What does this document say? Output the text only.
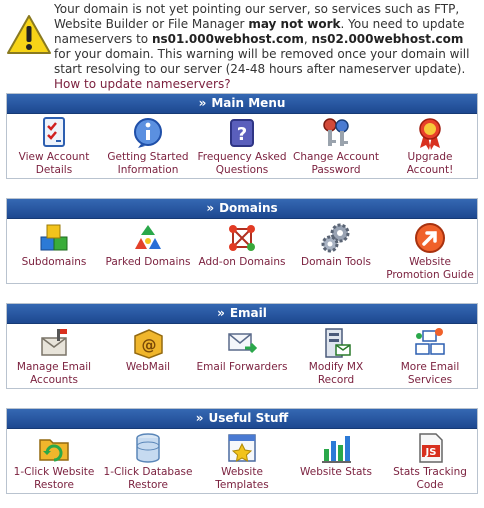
Your domain is not yet pointing our server, so services such as FTP, Website Builder or File Manager may not work. You need to update nameservers to ns01.000webhost.com, ns02.000webhost.com for your domain. This warning will be removed once your domain will start resolving to our server (24-48 hours after nameserver update). How to update nameservers?
» Main Menu
View Account Details
Getting Started Information
?
Frequency Asked Questions
Change Account Password
Upgrade Account!
» Domains
Subdomains Parked Domains Add-on Domains Domain Tools	Website Promotion Guide
» Email
Manage Email Accounts
@
WebMail	Email Forwarders	Modify MX Record
More Email Services
» Useful Stuff
1-Click Website Restore
1-Click Database Restore
Website Templates
Website Stats
JS
Stats Tracking Code
